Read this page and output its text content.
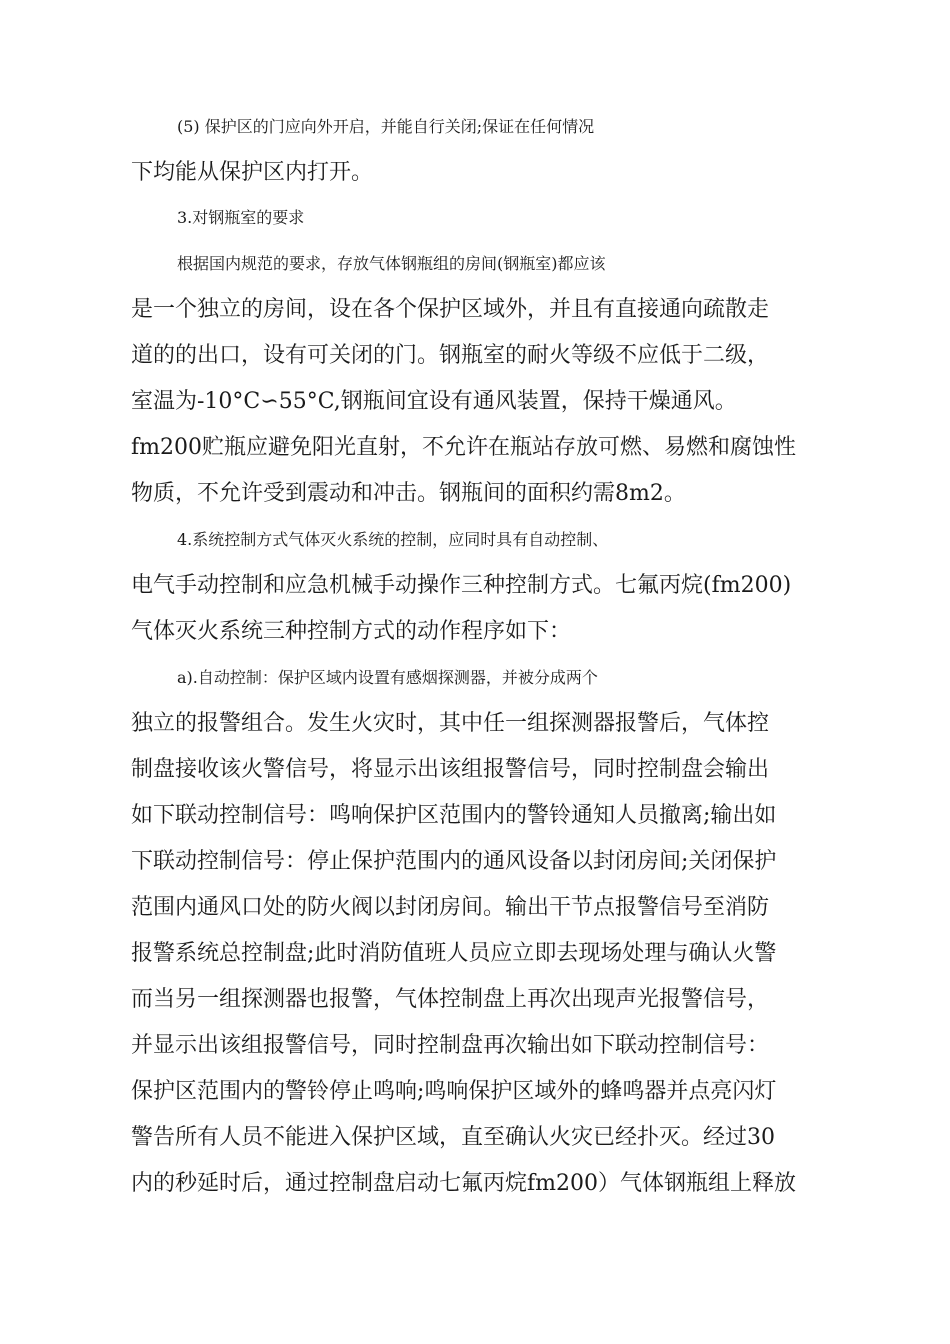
(5) 保护区的门应向外开启，并能自行关闭;保证在任何情况
下均能从保护区内打开。
3.对钢瓶室的要求
根据国内规范的要求，存放气体钢瓶组的房间(钢瓶室)都应该
是一个独立的房间，设在各个保护区域外，并且有直接通向疏散走
道的的出口，设有可关闭的门。钢瓶室的耐火等级不应低于二级，
室温为-10°C∽55°C,钢瓶间宜设有通风装置，保持干燥通风。
fm200贮瓶应避免阳光直射，不允许在瓶站存放可燃、易燃和腐蚀性
物质，不允许受到震动和冲击。钢瓶间的面积约需8m2。
4.系统控制方式气体灭火系统的控制，应同时具有自动控制、
电气手动控制和应急机械手动操作三种控制方式。七氟丙烷(fm200)
气体灭火系统三种控制方式的动作程序如下：
a).自动控制：保护区域内设置有感烟探测器，并被分成两个
独立的报警组合。发生火灾时，其中任一组探测器报警后，气体控
制盘接收该火警信号，将显示出该组报警信号，同时控制盘会输出
如下联动控制信号：鸣响保护区范围内的警铃通知人员撤离;输出如
下联动控制信号：停止保护范围内的通风设备以封闭房间;关闭保护
范围内通风口处的防火阀以封闭房间。输出干节点报警信号至消防
报警系统总控制盘;此时消防值班人员应立即去现场处理与确认火警
而当另一组探测器也报警，气体控制盘上再次出现声光报警信号，
并显示出该组报警信号，同时控制盘再次输出如下联动控制信号：
保护区范围内的警铃停止鸣响;鸣响保护区域外的蜂鸣器并点亮闪灯
警告所有人员不能进入保护区域，直至确认火灾已经扑灭。经过30
内的秒延时后，通过控制盘启动七氟丙烷fm200）气体钢瓶组上释放
